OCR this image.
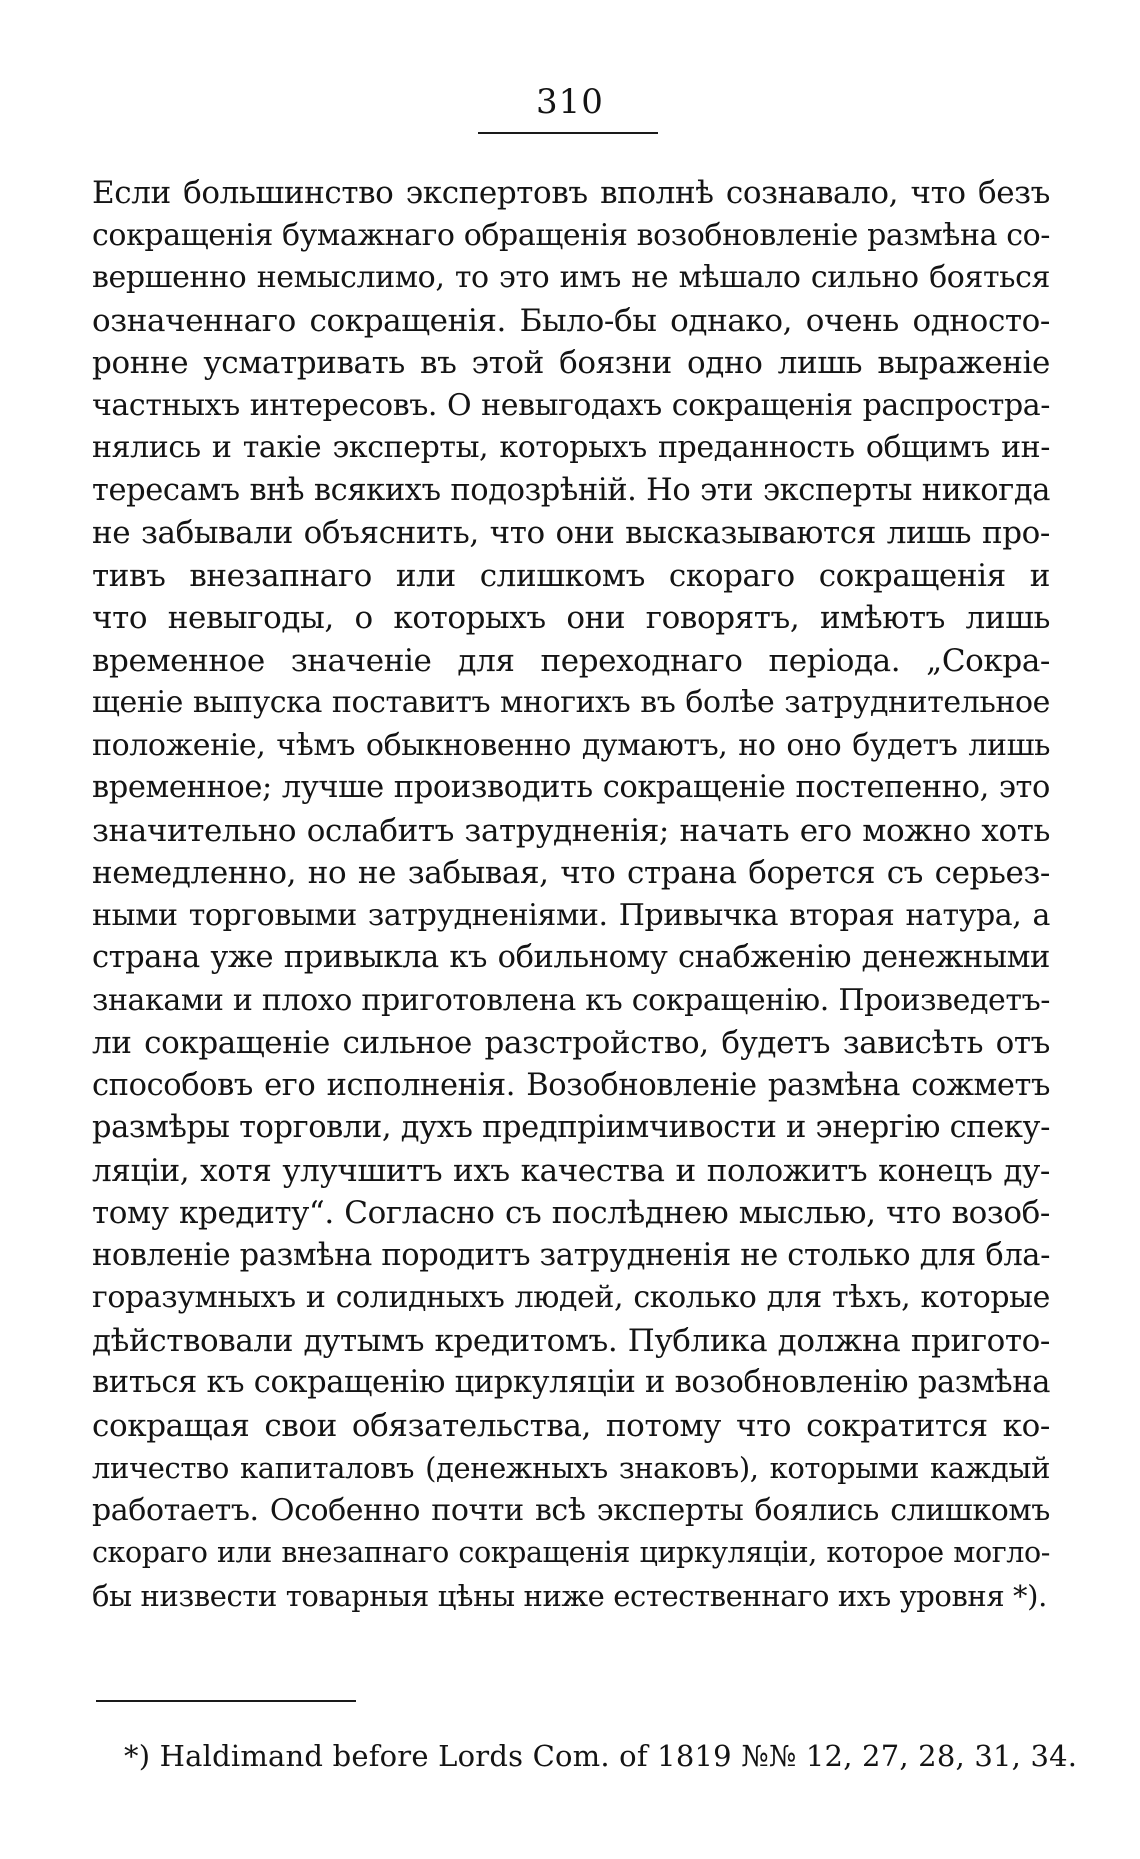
310
Если большинство экспертовъ вполнѣ сознавало, что безъ
сокращенія бумажнаго обращенія возобновленіе размѣна со-
вершенно немыслимо, то это имъ не мѣшало сильно бояться
означеннаго сокращенія. Было-бы однако, очень односто-
ронне усматривать въ этой боязни одно лишь выраженіе
частныхъ интересовъ. О невыгодахъ сокращенія распростра-
нялись и такіе эксперты, которыхъ преданность общимъ ин-
тересамъ внѣ всякихъ подозрѣній. Но эти эксперты никогда
не забывали объяснить, что они высказываются лишь про-
тивъ внезапнаго или слишкомъ скораго сокращенія и
что невыгоды, о которыхъ они говорятъ, имѣютъ лишь
временное значеніе для переходнаго періода. „Сокра-
щеніе выпуска поставитъ многихъ въ болѣе затруднительное
положеніе, чѣмъ обыкновенно думаютъ, но оно будетъ лишь
временное; лучше производить сокращеніе постепенно, это
значительно ослабитъ затрудненія; начать его можно хоть
немедленно, но не забывая, что страна борется съ серьез-
ными торговыми затрудненіями. Привычка вторая натура, а
страна уже привыкла къ обильному снабженію денежными
знаками и плохо приготовлена къ сокращенію. Произведетъ-
ли сокращеніе сильное разстройство, будетъ зависѣть отъ
способовъ его исполненія. Возобновленіе размѣна сожметъ
размѣры торговли, духъ предпріимчивости и энергію спеку-
ляціи, хотя улучшитъ ихъ качества и положитъ конецъ ду-
тому кредиту“. Согласно съ послѣднею мыслью, что возоб-
новленіе размѣна породитъ затрудненія не столько для бла-
горазумныхъ и солидныхъ людей, сколько для тѣхъ, которые
дѣйствовали дутымъ кредитомъ. Публика должна пригото-
виться къ сокращенію циркуляціи и возобновленію размѣна
сокращая свои обязательства, потому что сократится ко-
личество капиталовъ (денежныхъ знаковъ), которыми каждый
работаетъ. Особенно почти всѣ эксперты боялись слишкомъ
скораго или внезапнаго сокращенія циркуляціи, которое могло-
бы низвести товарныя цѣны ниже естественнаго ихъ уровня *).
*) Haldimand before Lords Com. of 1819 №№ 12, 27, 28, 31, 34.
